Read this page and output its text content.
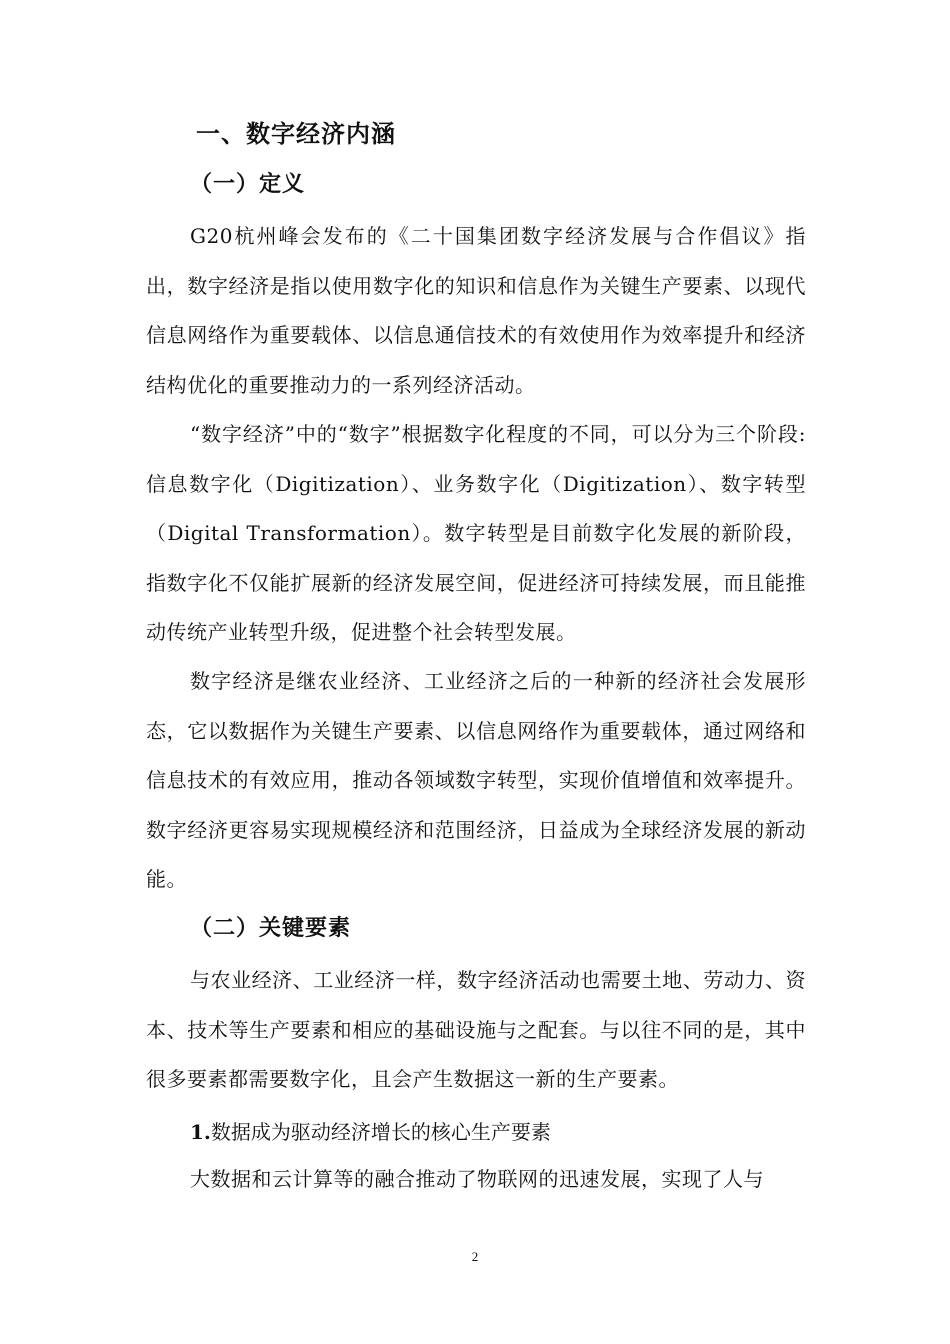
一、数字经济内涵
（一）定义

G20杭州峰会发布的《二十国集团数字经济发展与合作倡议》指出，数字经济是指以使用数字化的知识和信息作为关键生产要素、以现代信息网络作为重要载体、以信息通信技术的有效使用作为效率提升和经济结构优化的重要推动力的一系列经济活动。

“数字经济”中的“数字”根据数字化程度的不同，可以分为三个阶段:信息数字化（Digitization）、业务数字化（Digitization）、数字转型（Digital Transformation）。数字转型是目前数字化发展的新阶段，指数字化不仅能扩展新的经济发展空间，促进经济可持续发展，而且能推动传统产业转型升级，促进整个社会转型发展。

数字经济是继农业经济、工业经济之后的一种新的经济社会发展形态，它以数据作为关键生产要素、以信息网络作为重要载体，通过网络和信息技术的有效应用，推动各领域数字转型，实现价值增值和效率提升。数字经济更容易实现规模经济和范围经济，日益成为全球经济发展的新动能。

（二）关键要素

与农业经济、工业经济一样，数字经济活动也需要土地、劳动力、资本、技术等生产要素和相应的基础设施与之配套。与以往不同的是，其中很多要素都需要数字化，且会产生数据这一新的生产要素。

1.数据成为驱动经济增长的核心生产要素

大数据和云计算等的融合推动了物联网的迅速发展，实现了人与

2
